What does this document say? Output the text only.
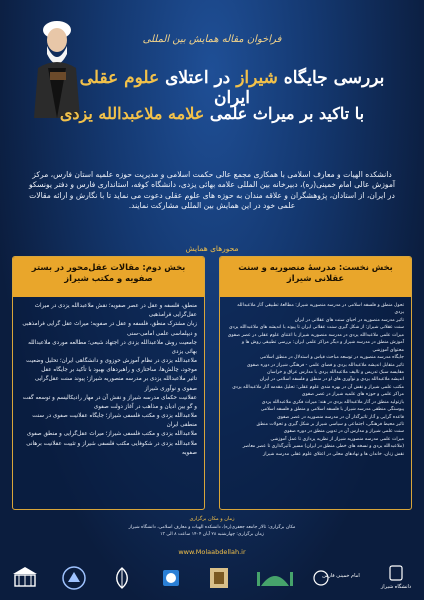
فراخوان مقاله همایش بین المللی
بررسی جایگاه شیراز در اعتلای علوم عقلی ایران
با تاکید بر میراث علمی علامه ملاعبدالله یزدی
دانشکده الهیات و معارف اسلامی با همکاری مجمع عالی حکمت اسلامی و مدیریت حوزه علمیه استان فارس، مرکز آموزش عالی امام خمینی(ره)، دبیرخانه بین المللی علامه بهائی یزدی، دانشگاه کوفه، استانداری فارس و دفتر یونسکو در ایران، از استادان، پژوهشگران و علاقه مندان به حوزه های علوم عقلی دعوت می نماید تا با نگارش و ارائه مقالات علمی خود در این همایش بین المللی مشارکت نمایند.
محورهای همایش
بخش نخست: مدرسۀ منصوریه و سنت عقلانی شیراز
تحول منطق و فلسفه اسلامی در مدرسه منصوریه شیراز: مطالعۀ تطبیقی آثار ملاعبدالله یزدی
تاثیر مدرسه منصوریه در احیای سنت های عقلانی در ایران
سنت عقلانی شیراز: از شکل گیری سنت عقلانی ایران تا پیوند با اندیشه های ملاعبدالله یزدی
میراث علمی ملاعبدالله یزدی در مدرسه منصوریه شیراز با اعتنای علوم عقلی در عصر صفوی
آموزش منطق در مدرسه شیراز و دیگر مراکز علمی ایران: بررسی تطبیقی روش ها و محتوای آموزشی
جایگاه مدرسه منصوریه در توسعه مباحث قیاس و استدلال در منطق اسلامی
تاثیر متقابل اندیشه ملاعبدالله یزدی و فضای علمی - فرهنگی شیراز در دوره صفوی
مقایسه سبک تدریس و تالیف ملاعبدالله یزدی با مدارس عراق و خراسان
اندیشه ملاعبدالله یزدی و نوآوری های او در منطق و فلسفه اسلامی در ایران
مکتب علمی شیراز و نقش آن در بهره مندی علوم عقلی: تحلیل مقدمه آثار ملاعبدالله یزدی
مراکز علمی و حوزه های علمیه شیراز در عصر صفوی
بازتولید منطق در آثار ملاعبدالله یزدی در هند: میراث فکری ملاعبدالله یزدی
پیوستگی منطقی مدرسه شیراز با فلسفه اسلامی و منطق و فلسفه اسلامی
قاعده گرایی و آثار تاثیرگذار آن در مدرسه منصوریه در عصر صفوی
تاثیر محیط فرهنگی، اجتماعی و سیاسی شیراز بر شکل گیری و تحولات منطق
سنت علمی شیراز و مدارس آن در تدوین منطق در دوره صفوی
میراث علمی مدرسه منصوریه شیراز از نظریه پردازی تا عمل آموزشی
(ملاعبدالله یزدی و نسخه های خطی منطق در ایران) مسیر تأثیرگذاری تا عصر معاصر
نقش زنان، خاندان ها و نهادهای محلی در اعتلای علوم عقلی مدرسه شیراز
بخش دوم: مقالات عقل‌محور در بستر صفویه و مکتب شیراز
منطق، فلسفه و عقل در عصر صفویه؛ نقش ملاعبدالله یزدی در میراث عقل‌گرایی فرامذهبی
زبان مشترک منطق، فلسفه و عقل در صفویه؛ میراث عقل گرایی فرامذهبی و دیپلماسی علمی امامی-سنی
جامعیت روش ملاعبدالله یزدی در اجتهاد شیعی؛ مطالعه موردی ملاعبدالله بهائی یزدی
ملاعبدالله یزدی در نظام آموزش حوزوی و دانشگاهی ایران؛ تحلیل وضعیت موجود، چالش‌ها، ساختاری و راهبردهای بهبود با تأکید بر جایگاه عقل
تاثیر ملاعبدالله یزدی بر مدرسه منصوریه شیراز؛ پیوند سنت عقل‌گرایی صفوی و نوآوری شیراز
عقلانیت حکمای مدرسه شیراز و نقش آن در مهار رادیکالیسم و توسعه گفت و گو بین ادیان و مذاهب در آغاز دولت صفوی
ملاعبدالله یزدی و مکتب فلسفی شیراز؛ جایگاه عقلانیت صفوی در سنت منطقی ایران
ملاعبدالله یزدی و مکتب فلسفی شیراز؛ میراث عقل‌گرایی و منطق صفوی
ملاعبدالله یزدی در شکوفایی مکتب فلسفی شیراز و تثبیت عقلانیت برهانی صفویه
زمان و مکان برگزاری
مکان برگزاری: تالار جامعه جعفری(ره)، دانشکده الهیات و معارف اسلامی، دانشگاه شیراز
زمان برگزاری: چهارشنبه ۲۸ آبان ۱۴۰۴ ساعت ۸ الی ۱۳
www.Molaabdellah.ir
امام خمینی فارس
دانشگاه شیراز
